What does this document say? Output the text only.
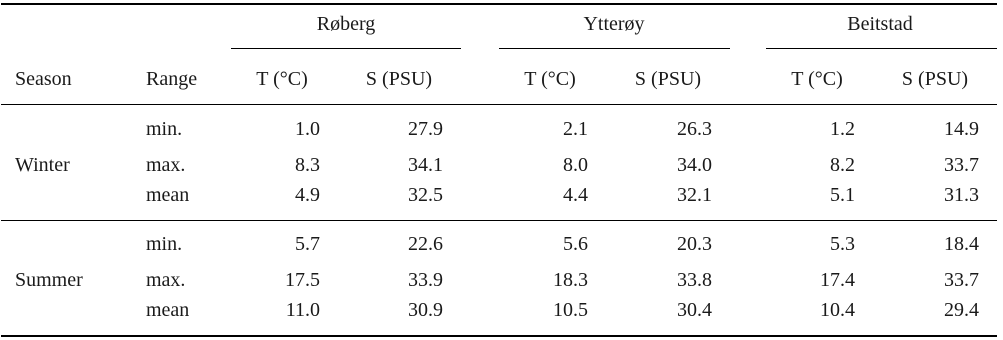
Røberg	Ytterøy	Beitstad
Season	Range	T (°C)	S (PSU)	T (°C)	S (PSU)	T (°C)	S (PSU)
Winter
min.	1.0	27.9	2.1	26.3	1.2	14.9
max.	8.3	34.1	8.0	34.0	8.2	33.7
mean	4.9	32.5	4.4	32.1	5.1	31.3
Summer
min.	5.7	22.6	5.6	20.3	5.3	18.4
max.	17.5	33.9	18.3	33.8	17.4	33.7
mean	11.0	30.9	10.5	30.4	10.4	29.4
